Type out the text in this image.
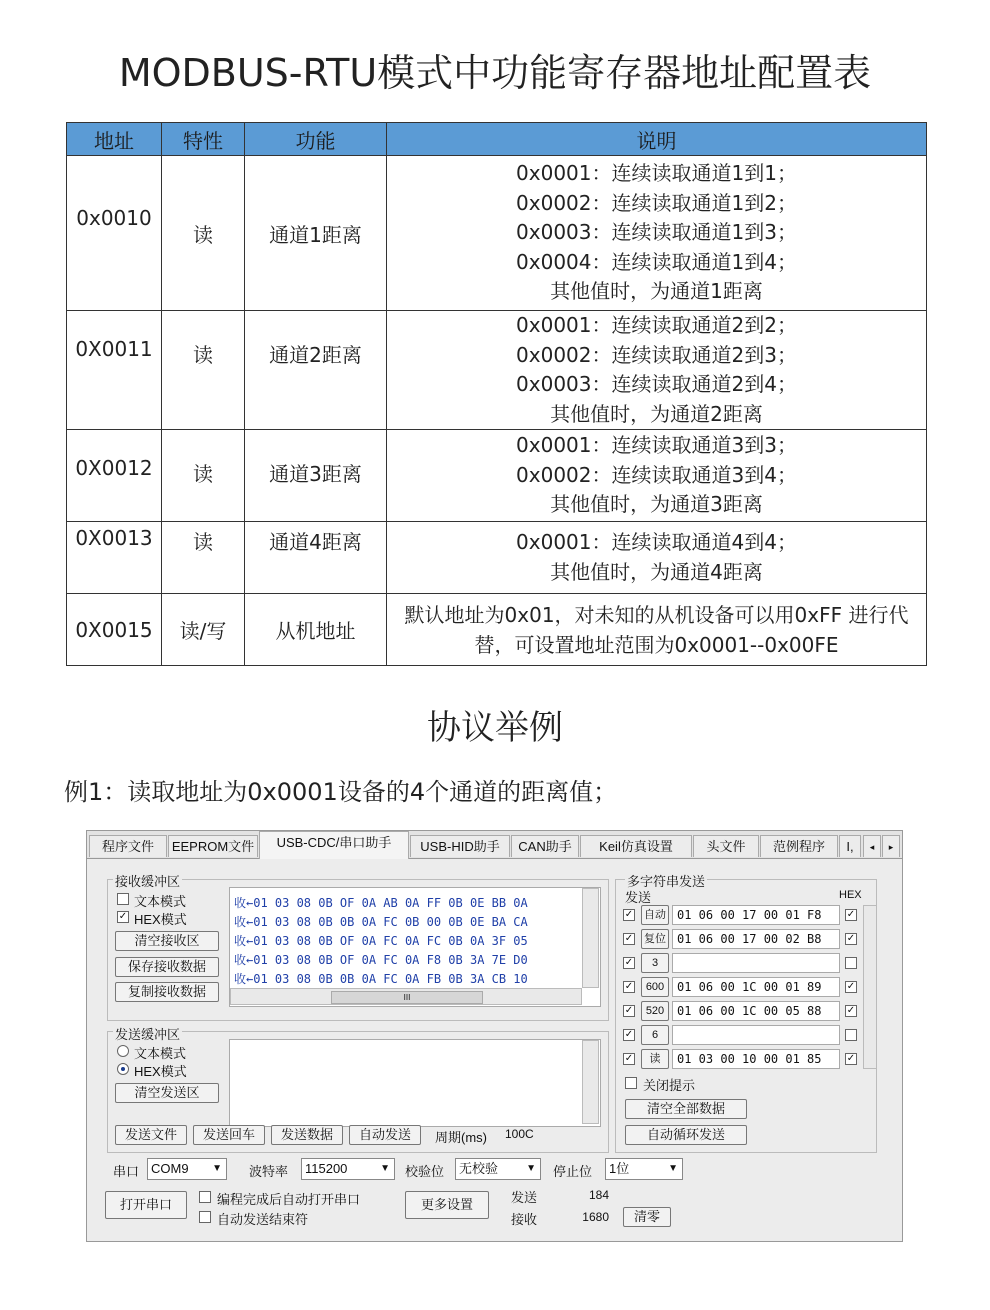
MODBUS-RTU模式中功能寄存器地址配置表
地址	特性	功能	说明
0x0010	读	通道1距离	0x0001：连续读取通道1到1；
0x0002：连续读取通道1到2；
0x0003：连续读取通道1到3；
0x0004：连续读取通道1到4；
其他值时，为通道1距离

0X0011	读	通道2距离	0x0001：连续读取通道2到2；
0x0002：连续读取通道2到3；
0x0003：连续读取通道2到4；
其他值时，为通道2距离

0X0012	读	通道3距离	0x0001：连续读取通道3到3；
0x0002：连续读取通道3到4；
其他值时，为通道3距离

0X0013	读	通道4距离	0x0001：连续读取通道4到4；
其他值时，为通道4距离

0X0015	读/写	从机地址	默认地址为0x01，对未知的从机设备可以用0xFF 进行代替，可设置地址范围为0x0001--0x00FE
协议举例
例1：读取地址为0x0001设备的4个通道的距离值；
程序文件	EEPROM文件	USB-CDC/串口助手	USB-HID助手	CAN助手	Keil仿真设置	头文件	范例程序	I,	◂	▸
接收缓冲区
文本模式
✓ HEX模式
清空接收区
保存接收数据
复制接收数据
收←01 03 08 0B OF 0A AB 0A FF 0B 0E BB 0A
收←01 03 08 0B 0B 0A FC 0B 00 0B 0E BA CA
收←01 03 08 0B OF 0A FC 0A FC 0B 0A 3F 05
收←01 03 08 0B OF 0A FC 0A F8 0B 3A 7E D0
收←01 03 08 0B 0B 0A FC 0A FB 0B 3A CB 10
III
发送缓冲区
文本模式
HEX模式
清空发送区
发送文件	发送回车	发送数据	自动发送	周期(ms) 100C
多字符串发送
发送	HEX
✓ 自动 01 06 00 17 00 01 F8	✓
✓ 复位 01 06 00 17 00 02 B8	✓
✓	3
✓	600	01 06 00 1C 00 01 89	✓
✓	520	01 06 00 1C 00 05 88	✓
✓	6
✓	读	01 03 00 10 00 01 85	✓
关闭提示
清空全部数据
自动循环发送
串口 COM9 ▼ 波特率	115200	▼ 校验位	无校验	▼ 停止位	1位	▼
打开串口	编程完成后自动打开串口
自动发送结束符
更多设置	发送	184
接收	1680	清零
